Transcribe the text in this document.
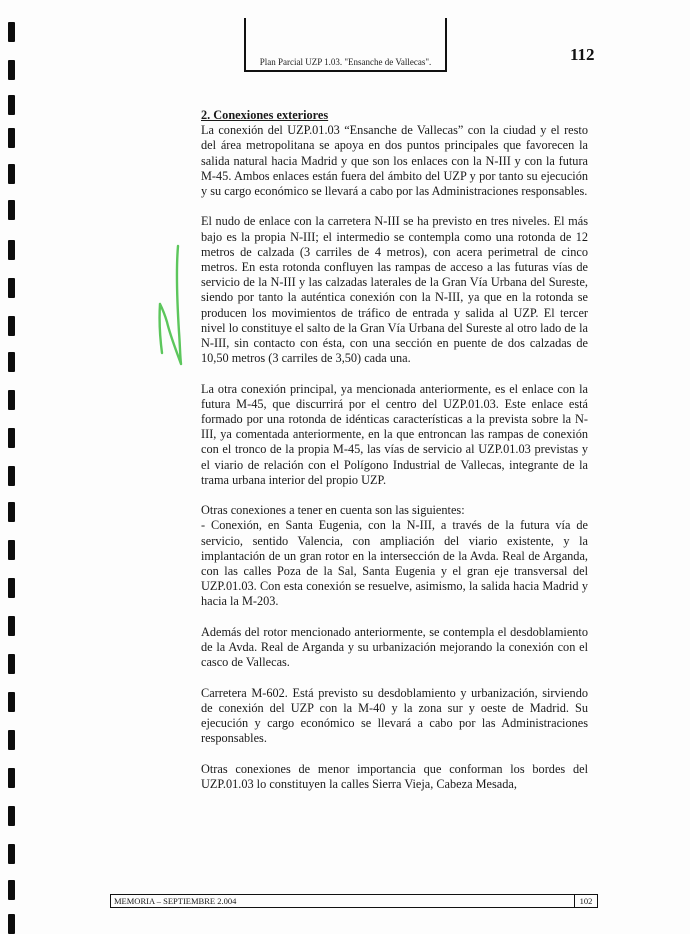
Plan Parcial UZP 1.03. "Ensanche de Vallecas".	112
2. Conexiones exteriores

La conexión del UZP.01.03 “Ensanche de Vallecas” con la ciudad y el resto del área metropolitana se apoya en dos puntos principales que favorecen la salida natural hacia Madrid y que son los enlaces con la N-III y con la futura M-45. Ambos enlaces están fuera del ámbito del UZP y por tanto su ejecución y su cargo económico se llevará a cabo por las Administraciones responsables.

El nudo de enlace con la carretera N-III se ha previsto en tres niveles. El más bajo es la propia N-III; el intermedio se contempla como una rotonda de 12 metros de calzada (3 carriles de 4 metros), con acera perimetral de cinco metros. En esta rotonda confluyen las rampas de acceso a las futuras vías de servicio de la N-III y las calzadas laterales de la Gran Vía Urbana del Sureste, siendo por tanto la auténtica conexión con la N-III, ya que en la rotonda se producen los movimientos de tráfico de entrada y salida al UZP. El tercer nivel lo constituye el salto de la Gran Vía Urbana del Sureste al otro lado de la N-III, sin contacto con ésta, con una sección en puente de dos calzadas de 10,50 metros (3 carriles de 3,50) cada una.

La otra conexión principal, ya mencionada anteriormente, es el enlace con la futura M-45, que discurrirá por el centro del UZP.01.03. Este enlace está formado por una rotonda de idénticas características a la prevista sobre la N-III, ya comentada anteriormente, en la que entroncan las rampas de conexión con el tronco de la propia M-45, las vías de servicio al UZP.01.03 previstas y el viario de relación con el Polígono Industrial de Vallecas, integrante de la trama urbana interior del propio UZP.

Otras conexiones a tener en cuenta son las siguientes:
- Conexión, en Santa Eugenia, con la N-III, a través de la futura vía de servicio, sentido Valencia, con ampliación del viario existente, y la implantación de un gran rotor en la intersección de la Avda. Real de Arganda, con las calles Poza de la Sal, Santa Eugenia y el gran eje transversal del UZP.01.03. Con esta conexión se resuelve, asimismo, la salida hacia Madrid y hacia la M-203.

Además del rotor mencionado anteriormente, se contempla el desdoblamiento de la Avda. Real de Arganda y su urbanización mejorando la conexión con el casco de Vallecas.

Carretera M-602. Está previsto su desdoblamiento y urbanización, sirviendo de conexión del UZP con la M-40 y la zona sur y oeste de Madrid. Su ejecución y cargo económico se llevará a cabo por las Administraciones responsables.

Otras conexiones de menor importancia que conforman los bordes del UZP.01.03 lo constituyen la calles Sierra Vieja, Cabeza Mesada,

MEMORIA – SEPTIEMBRE 2.004	102
